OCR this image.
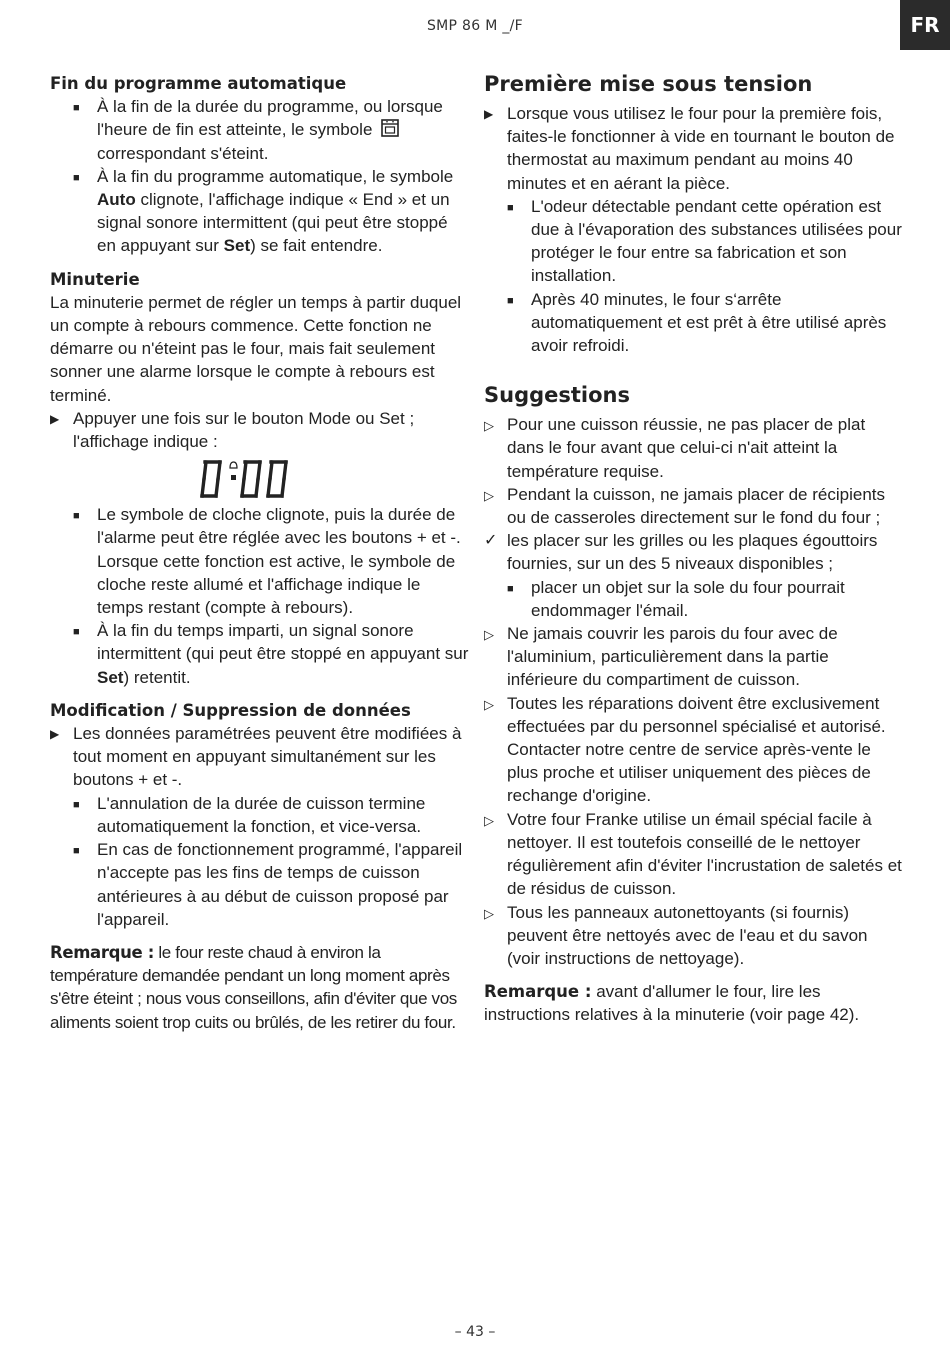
SMP 86 M _/F	FR
Fin du programme automatique
■ À la fin de la durée du programme, ou lorsque l'heure de fin est atteinte, le symbole  correspondant s'éteint.
■ À la fin du programme automatique, le symbole Auto clignote, l'affichage indique « End » et un signal sonore intermittent (qui peut être stoppé en appuyant sur Set) se fait entendre.
Minuterie

La minuterie permet de régler un temps à partir duquel un compte à rebours commence. Cette fonction ne démarre ou n'éteint pas le four, mais fait seulement sonner une alarme lorsque le compte à rebours est terminé.

▶ Appuyer une fois sur le bouton Mode ou Set ; l'affichage indique :
■ Le symbole de cloche clignote, puis la durée de l'alarme peut être réglée avec les boutons + et -. Lorsque cette fonction est active, le symbole de cloche reste allumé et l'affichage indique le temps restant (compte à rebours).
■ À la fin du temps imparti, un signal sonore intermittent (qui peut être stoppé en appuyant sur Set) retentit.
Modification / Suppression de données
▶ Les données paramétrées peuvent être modifiées à tout moment en appuyant simultanément sur les boutons + et -.
■ L'annulation de la durée de cuisson termine automatiquement la fonction, et vice-versa.
■ En cas de fonctionnement programmé, l'appareil n'accepte pas les fins de temps de cuisson antérieures à au début de cuisson proposé par l'appareil.

Remarque : le four reste chaud à environ la température demandée pendant un long moment après s'être éteint ; nous vous conseillons, afin d'éviter que vos aliments soient trop cuits ou brûlés, de les retirer du four.

Première mise sous tension
▶ Lorsque vous utilisez le four pour la première fois, faites-le fonctionner à vide en tournant le bouton de thermostat au maximum pendant au moins 40 minutes et en aérant la pièce.
■ L'odeur détectable pendant cette opération est due à l'évaporation des substances utilisées pour protéger le four entre sa fabrication et son installation.
■ Après 40 minutes, le four s‘arrête automatiquement et est prêt à être utilisé après avoir refroidi.
Suggestions
▷ Pour une cuisson réussie, ne pas placer de plat dans le four avant que celui-ci n'ait atteint la température requise.
▷ Pendant la cuisson, ne jamais placer de récipients ou de casseroles directement sur le fond du four ;
✓ les placer sur les grilles ou les plaques égouttoirs fournies, sur un des 5 niveaux disponibles ;
■ placer un objet sur la sole du four pourrait endommager l'émail.
▷ Ne jamais couvrir les parois du four avec de l'aluminium, particulièrement dans la partie inférieure du compartiment de cuisson.
▷ Toutes les réparations doivent être exclusivement effectuées par du personnel spécialisé et autorisé. Contacter notre centre de service après-vente le plus proche et utiliser uniquement des pièces de rechange d'origine.
▷ Votre four Franke utilise un émail spécial facile à nettoyer. Il est toutefois conseillé de le nettoyer régulièrement afin d'éviter l'incrustation de saletés et de résidus de cuisson.
▷ Tous les panneaux autonettoyants (si fournis) peuvent être nettoyés avec de l'eau et du savon (voir instructions de nettoyage).

Remarque : avant d'allumer le four, lire les instructions relatives à la minuterie (voir page 42).

– 43 –
